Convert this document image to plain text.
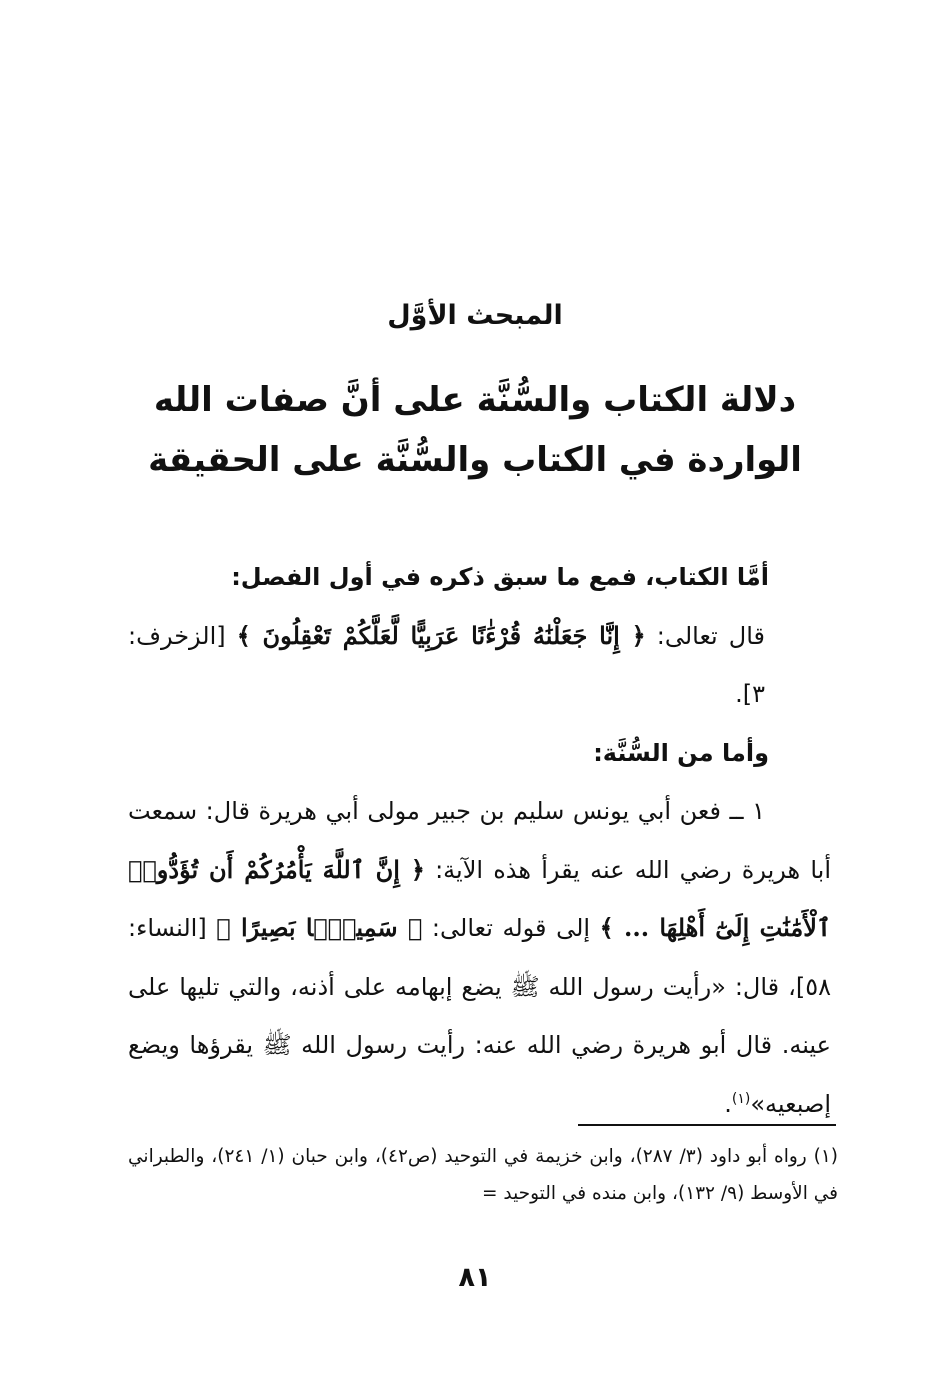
المبحث الأوَّل
دلالة الكتاب والسُّنَّة على أنَّ صفات الله
الواردة في الكتاب والسُّنَّة على الحقيقة

أمَّا الكتاب، فمع ما سبق ذكره في أول الفصل:

قال تعالى: ﴿ إِنَّا جَعَلْنَٰهُ قُرْءَٰنًا عَرَبِيًّا لَّعَلَّكُمْ تَعْقِلُونَ ﴾ [الزخرف: ٣].

وأما من السُّنَّة:

١ ــ فعن أبي يونس سليم بن جبير مولى أبي هريرة قال: سمعت أبا هريرة رضي الله عنه يقرأ هذه الآية: ﴿ إِنَّ ٱللَّهَ يَأْمُرُكُمْ أَن تُؤَدُّوا۟ ٱلْأَمَٰنَٰتِ إِلَىٰٓ أَهْلِهَا ... ﴾ إلى قوله تعالى: ﴿ سَمِيعًۢا بَصِيرًا ﴾ [النساء: ٥٨]، قال: «رأيت رسول الله ﷺ يضع إبهامه على أذنه، والتي تليها على عينه. قال أبو هريرة رضي الله عنه: رأيت رسول الله ﷺ يقرؤها ويضع إصبعيه»$^{(١)}$.

(١) رواه أبو داود (٣/ ٢٨٧)، وابن خزيمة في التوحيد (ص٤٢)، وابن حبان (١/ ٢٤١)، والطبراني في الأوسط (٩/ ١٣٢)، وابن منده في التوحيد =

٨١
